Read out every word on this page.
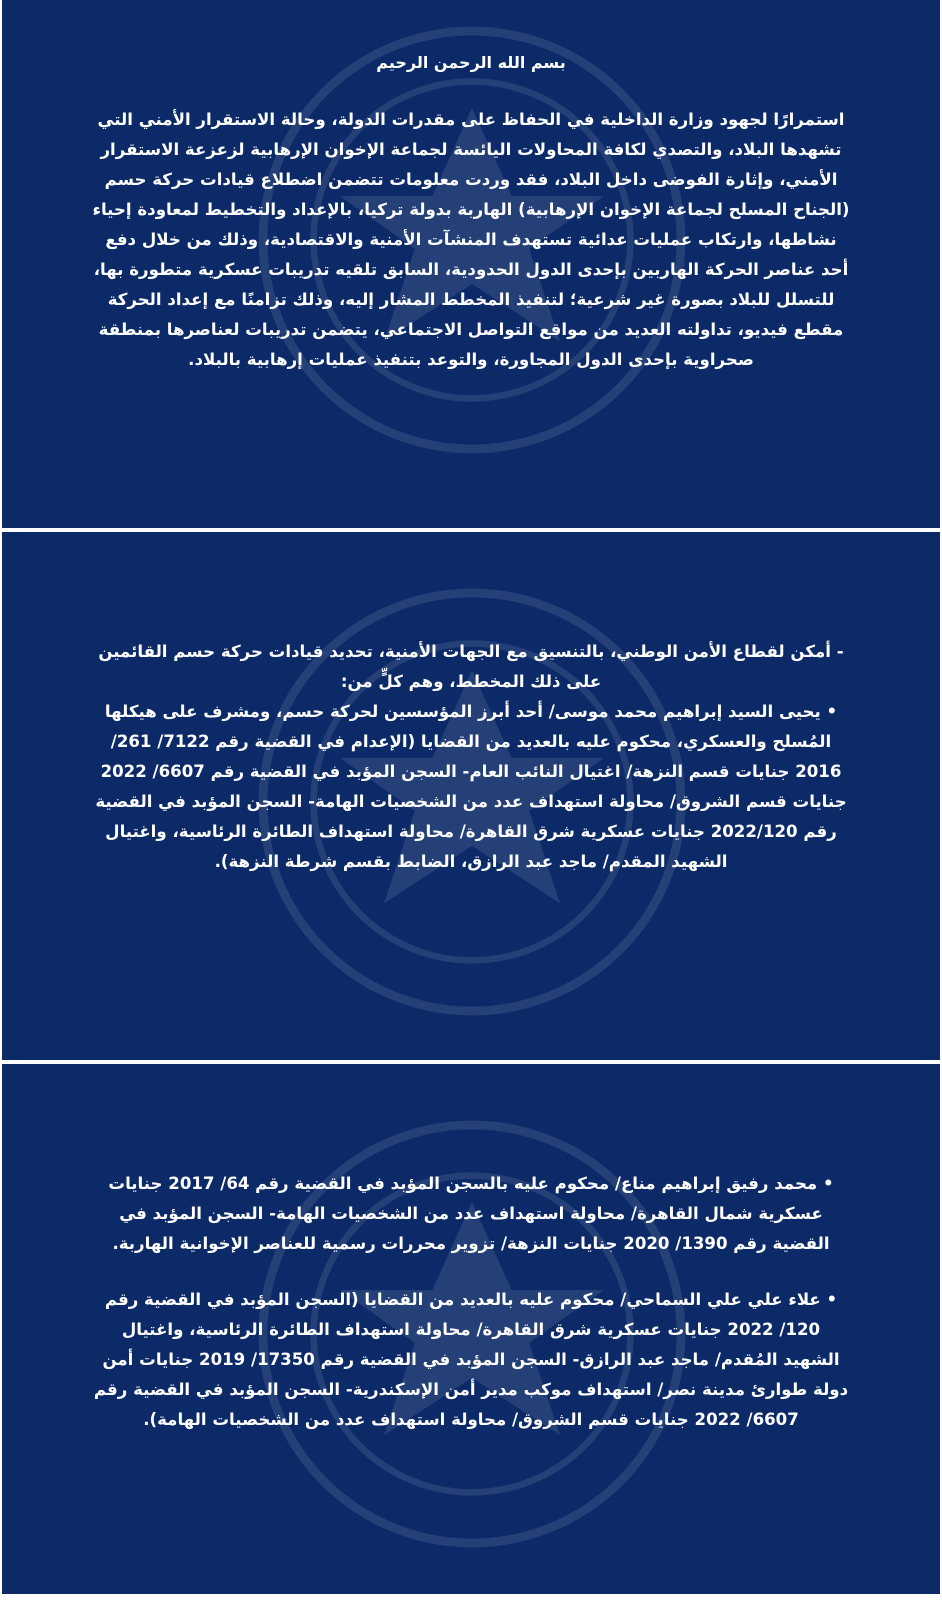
بسم الله الرحمن الرحيم
استمرارًا لجهود وزارة الداخلية في الحفاظ على مقدرات الدولة، وحالة الاستقرار الأمني التي تشهدها البلاد، والتصدي لكافة المحاولات اليائسة لجماعة الإخوان الإرهابية لزعزعة الاستقرار الأمني، وإثارة الفوضى داخل البلاد، فقد وردت معلومات تتضمن اضطلاع قيادات حركة حسم (الجناح المسلح لجماعة الإخوان الإرهابية) الهاربة بدولة تركيا، بالإعداد والتخطيط لمعاودة إحياء نشاطها، وارتكاب عمليات عدائية تستهدف المنشآت الأمنية والاقتصادية، وذلك من خلال دفع أحد عناصر الحركة الهاربين بإحدى الدول الحدودية، السابق تلقيه تدريبات عسكرية متطورة بها، للتسلل للبلاد بصورة غير شرعية؛ لتنفيذ المخطط المشار إليه، وذلك تزامنًا مع إعداد الحركة مقطع فيديو، تداولته العديد من مواقع التواصل الاجتماعي، يتضمن تدريبات لعناصرها بمنطقة صحراوية بإحدى الدول المجاورة، والتوعد بتنفيذ عمليات إرهابية بالبلاد.

- أمكن لقطاع الأمن الوطني، بالتنسيق مع الجهات الأمنية، تحديد قيادات حركة حسم القائمين على ذلك المخطط، وهم كلٍّ من:

• يحيى السيد إبراهيم محمد موسى/ أحد أبرز المؤسسين لحركة حسم، ومشرف على هيكلها المُسلح والعسكري، محكوم عليه بالعديد من القضايا (الإعدام في القضية رقم 7122/ 261/ 2016 جنايات قسم النزهة/ اغتيال النائب العام- السجن المؤبد في القضية رقم 6607/ 2022 جنايات قسم الشروق/ محاولة استهداف عدد من الشخصيات الهامة- السجن المؤبد في القضية رقم 2022/120 جنايات عسكرية شرق القاهرة/ محاولة استهداف الطائرة الرئاسية، واغتيال الشهيد المقدم/ ماجد عبد الرازق، الضابط بقسم شرطة النزهة).

• محمد رفيق إبراهيم مناع/ محكوم عليه بالسجن المؤبد في القضية رقم 64/ 2017 جنايات عسكرية شمال القاهرة/ محاولة استهداف عدد من الشخصيات الهامة- السجن المؤبد في القضية رقم 1390/ 2020 جنايات النزهة/ تزوير محررات رسمية للعناصر الإخوانية الهاربة.

• علاء علي علي السماحي/ محكوم عليه بالعديد من القضايا (السجن المؤبد في القضية رقم 120/ 2022 جنايات عسكرية شرق القاهرة/ محاولة استهداف الطائرة الرئاسية، واغتيال الشهيد المُقدم/ ماجد عبد الرازق- السجن المؤبد في القضية رقم 17350/ 2019 جنايات أمن دولة طوارئ مدينة نصر/ استهداف موكب مدير أمن الإسكندرية- السجن المؤبد في القضية رقم 6607/ 2022 جنايات قسم الشروق/ محاولة استهداف عدد من الشخصيات الهامة).
